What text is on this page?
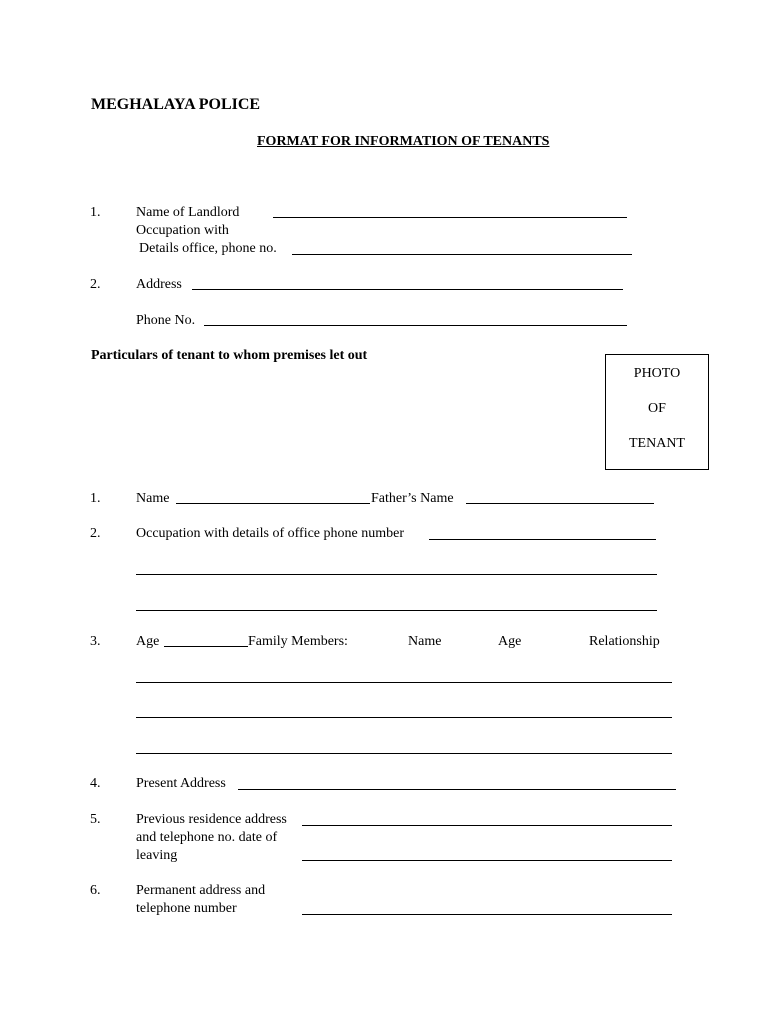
MEGHALAYA POLICE
FORMAT FOR INFORMATION OF TENANTS
1.	Name of Landlord
Occupation with
Details office, phone no.
2.	Address
Phone No.
Particulars of tenant to whom premises let out
PHOTO
OF
TENANT
1.	Name	Father’s Name
2.	Occupation with details of office phone number
3.	Age	Family Members:	Name	Age	Relationship
4.	Present Address
5.	Previous residence address
and telephone no. date of
leaving
6.	Permanent address and
telephone number
